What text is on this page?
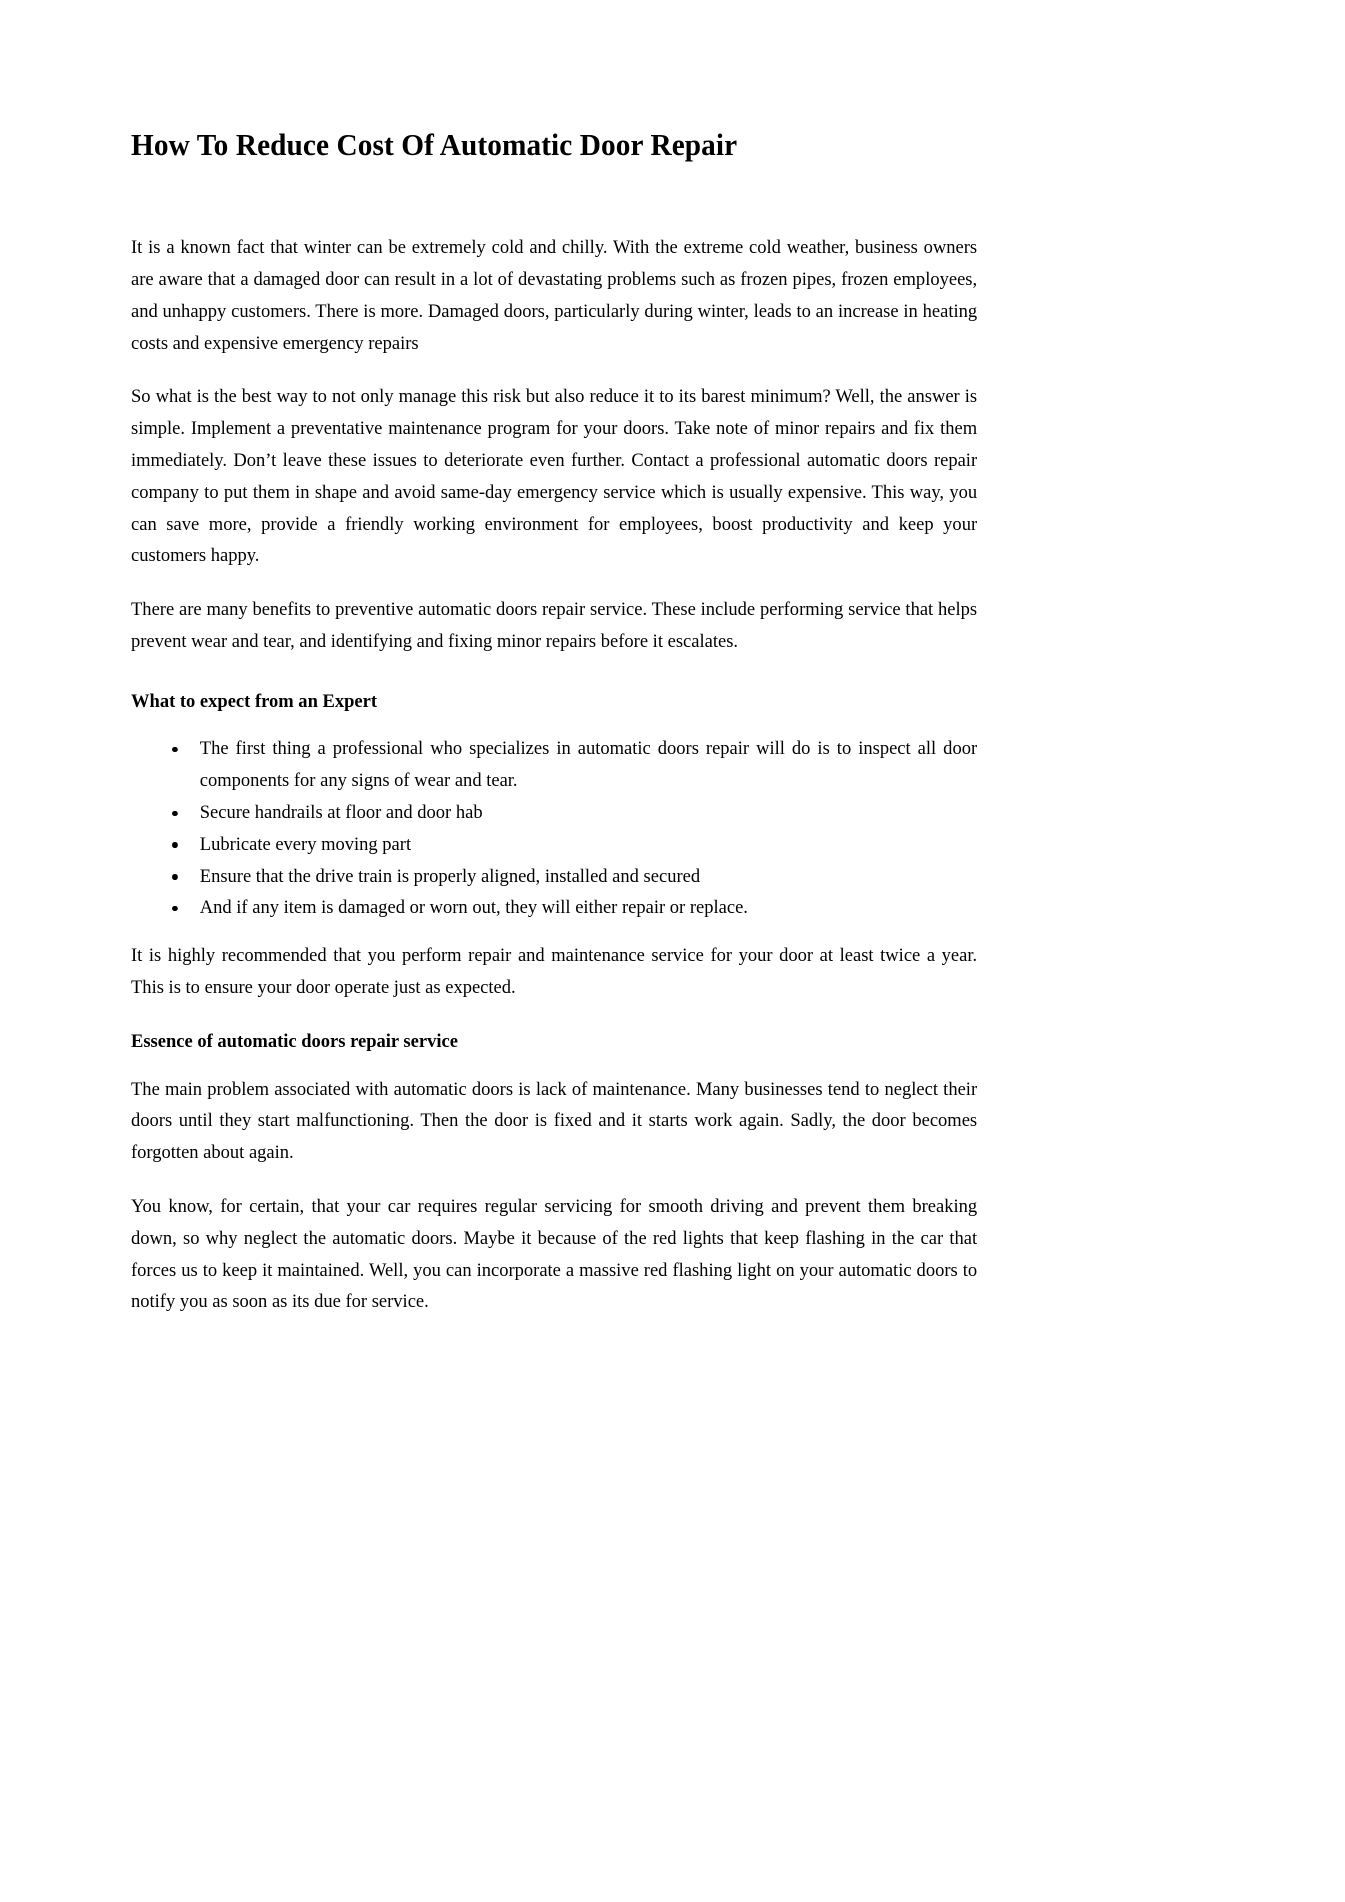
How To Reduce Cost Of Automatic Door Repair

It is a known fact that winter can be extremely cold and chilly. With the extreme cold weather, business owners are aware that a damaged door can result in a lot of devastating problems such as frozen pipes, frozen employees, and unhappy customers. There is more. Damaged doors, particularly during winter, leads to an increase in heating costs and expensive emergency repairs

So what is the best way to not only manage this risk but also reduce it to its barest minimum? Well, the answer is simple. Implement a preventative maintenance program for your doors. Take note of minor repairs and fix them immediately. Don’t leave these issues to deteriorate even further. Contact a professional automatic doors repair company to put them in shape and avoid same-day emergency service which is usually expensive. This way, you can save more, provide a friendly working environment for employees, boost productivity and keep your customers happy.

There are many benefits to preventive automatic doors repair service. These include performing service that helps prevent wear and tear, and identifying and fixing minor repairs before it escalates.

What to expect from an Expert
The first thing a professional who specializes in automatic doors repair will do is to inspect all door components for any signs of wear and tear.
Secure handrails at floor and door hab
Lubricate every moving part
Ensure that the drive train is properly aligned, installed and secured
And if any item is damaged or worn out, they will either repair or replace.

It is highly recommended that you perform repair and maintenance service for your door at least twice a year. This is to ensure your door operate just as expected.

Essence of automatic doors repair service

The main problem associated with automatic doors is lack of maintenance. Many businesses tend to neglect their doors until they start malfunctioning. Then the door is fixed and it starts work again. Sadly, the door becomes forgotten about again.

You know, for certain, that your car requires regular servicing for smooth driving and prevent them breaking down, so why neglect the automatic doors. Maybe it because of the red lights that keep flashing in the car that forces us to keep it maintained. Well, you can incorporate a massive red flashing light on your automatic doors to notify you as soon as its due for service.
